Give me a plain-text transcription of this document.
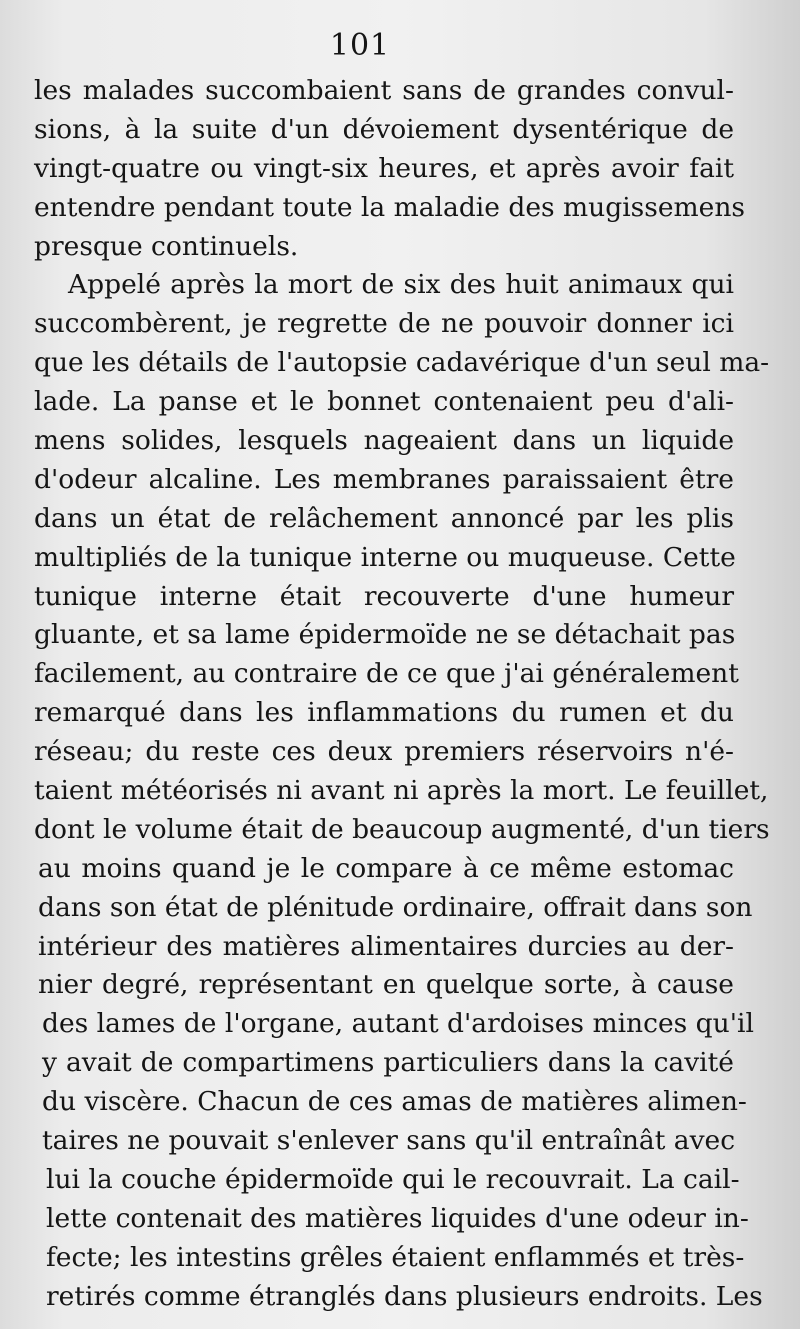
101
les malades succombaient sans de grandes convul-
sions, à la suite d'un dévoiement dysentérique de
vingt-quatre ou vingt-six heures, et après avoir fait
entendre pendant toute la maladie des mugissemens
presque continuels.
Appelé après la mort de six des huit animaux qui
succombèrent, je regrette de ne pouvoir donner ici
que les détails de l'autopsie cadavérique d'un seul ma-
lade. La panse et le bonnet contenaient peu d'ali-
mens solides, lesquels nageaient dans un liquide
d'odeur alcaline. Les membranes paraissaient être
dans un état de relâchement annoncé par les plis
multipliés de la tunique interne ou muqueuse. Cette
tunique interne était recouverte d'une humeur
gluante, et sa lame épidermoïde ne se détachait pas
facilement, au contraire de ce que j'ai généralement
remarqué dans les inflammations du rumen et du
réseau; du reste ces deux premiers réservoirs n'é-
taient météorisés ni avant ni après la mort. Le feuillet,
dont le volume était de beaucoup augmenté, d'un tiers
au moins quand je le compare à ce même estomac
dans son état de plénitude ordinaire, offrait dans son
intérieur des matières alimentaires durcies au der-
nier degré, représentant en quelque sorte, à cause
des lames de l'organe, autant d'ardoises minces qu'il
y avait de compartimens particuliers dans la cavité
du viscère. Chacun de ces amas de matières alimen-
taires ne pouvait s'enlever sans qu'il entraînât avec
lui la couche épidermoïde qui le recouvrait. La cail-
lette contenait des matières liquides d'une odeur in-
fecte; les intestins grêles étaient enflammés et très-
retirés comme étranglés dans plusieurs endroits. Les
